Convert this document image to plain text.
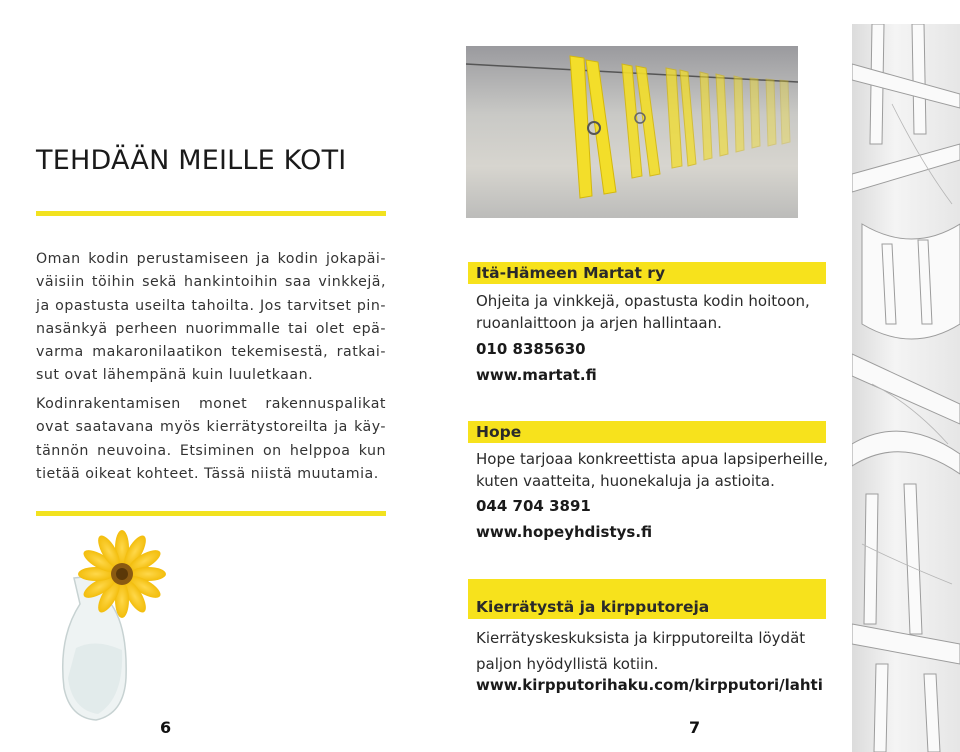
TEHDÄÄN MEILLE KOTI
Oman kodin perustamiseen ja kodin jokapäi-
väisiin töihin sekä hankintoihin saa vinkkejä,
ja opastusta useilta tahoilta. Jos tarvitset pin-
nasänkyä perheen nuorimmalle tai olet epä-
varma makaronilaatikon tekemisestä, ratkai-
sut ovat lähempänä kuin luuletkaan.
Kodinrakentamisen monet rakennuspalikat
ovat saatavana myös kierrätystoreilta ja käy-
tännön neuvoina. Etsiminen on helppoa kun
tietää oikeat kohteet. Tässä niistä muutamia.
6
Itä-Hämeen Martat ry
Ohjeita ja vinkkejä, opastusta kodin hoitoon,
ruoanlaittoon ja arjen hallintaan.
010 8385630
www.martat.fi
Hope
Hope tarjoaa konkreettista apua lapsiperheille,
kuten vaatteita, huonekaluja ja astioita.
044 704 3891
www.hopeyhdistys.fi
Kierrätystä ja kirpputoreja
Kierrätyskeskuksista ja kirpputoreilta löydät
paljon hyödyllistä kotiin.
www.kirpputorihaku.com/kirpputori/lahti
7
